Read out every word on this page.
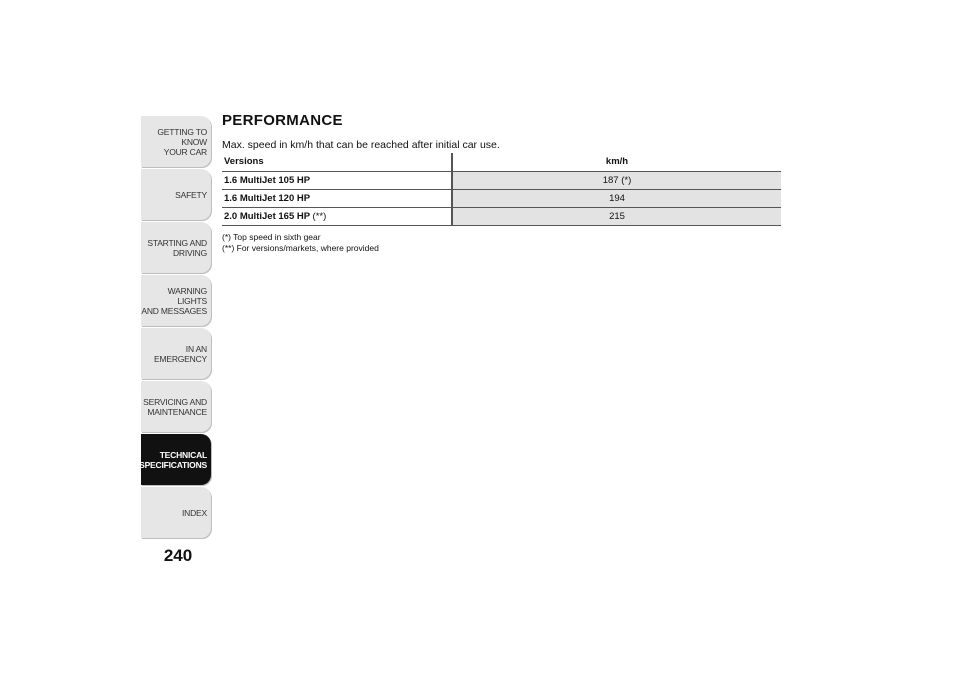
GETTING TO KNOW
YOUR CAR
SAFETY
STARTING AND
DRIVING
WARNING LIGHTS
AND MESSAGES
IN AN EMERGENCY
SERVICING AND
MAINTENANCE
TECHNICAL
SPECIFICATIONS
INDEX
240
PERFORMANCE

Max. speed in km/h that can be reached after initial car use.

Versions	km/h
1.6 MultiJet 105 HP	187 (*)
1.6 MultiJet 120 HP	194
2.0 MultiJet 165 HP (**)	215
(*) Top speed in sixth gear
(**) For versions/markets, where provided
